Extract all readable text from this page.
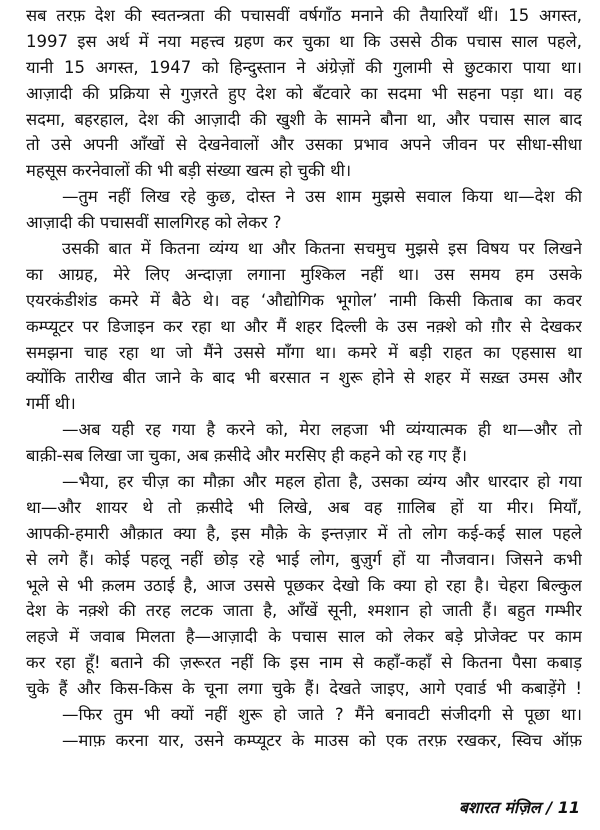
सब तरफ़ देश की स्वतन्त्रता की पचासवीं वर्षगाँठ मनाने की तैयारियाँ थीं। 15 अगस्त,
1997 इस अर्थ में नया महत्त्व ग्रहण कर चुका था कि उससे ठीक पचास साल पहले,
यानी 15 अगस्त, 1947 को हिन्दुस्तान ने अंग्रेज़ों की गुलामी से छुटकारा पाया था।
आज़ादी की प्रक्रिया से गुज़रते हुए देश को बँटवारे का सदमा भी सहना पड़ा था। वह
सदमा, बहरहाल, देश की आज़ादी की खुशी के सामने बौना था, और पचास साल बाद
तो उसे अपनी आँखों से देखनेवालों और उसका प्रभाव अपने जीवन पर सीधा-सीधा
महसूस करनेवालों की भी बड़ी संख्या खत्म हो चुकी थी।
—तुम नहीं लिख रहे कुछ, दोस्त ने उस शाम मुझसे सवाल किया था—देश की
आज़ादी की पचासवीं सालगिरह को लेकर ?
उसकी बात में कितना व्यंग्य था और कितना सचमुच मुझसे इस विषय पर लिखने
का आग्रह, मेरे लिए अन्दाज़ा लगाना मुश्किल नहीं था। उस समय हम उसके
एयरकंडीशंड कमरे में बैठे थे। वह ‘औद्योगिक भूगोल’ नामी किसी किताब का कवर
कम्प्यूटर पर डिजाइन कर रहा था और मैं शहर दिल्ली के उस नक़्शे को ग़ौर से देखकर
समझना चाह रहा था जो मैंने उससे माँगा था। कमरे में बड़ी राहत का एहसास था
क्योंकि तारीख बीत जाने के बाद भी बरसात न शुरू होने से शहर में सख़्त उमस और
गर्मी थी।
—अब यही रह गया है करने को, मेरा लहजा भी व्यंग्यात्मक ही था—और तो
बाक़ी-सब लिखा जा चुका, अब क़सीदे और मरसिए ही कहने को रह गए हैं।
—भैया, हर चीज़ का मौक़ा और महल होता है, उसका व्यंग्य और धारदार हो गया
था—और शायर थे तो क़सीदे भी लिखे, अब वह ग़ालिब हों या मीर। मियाँ,
आपकी-हमारी औक़ात क्या है, इस मौक़े के इन्तज़ार में तो लोग कई-कई साल पहले
से लगे हैं। कोई पहलू नहीं छोड़ रहे भाई लोग, बुज़ुर्ग हों या नौजवान। जिसने कभी
भूले से भी क़लम उठाई है, आज उससे पूछकर देखो कि क्या हो रहा है। चेहरा बिल्कुल
देश के नक़्शे की तरह लटक जाता है, आँखें सूनी, श्मशान हो जाती हैं। बहुत गम्भीर
लहजे में जवाब मिलता है—आज़ादी के पचास साल को लेकर बड़े प्रोजेक्ट पर काम
कर रहा हूँ! बताने की ज़रूरत नहीं कि इस नाम से कहाँ-कहाँ से कितना पैसा कबाड़
चुके हैं और किस-किस के चूना लगा चुके हैं। देखते जाइए, आगे एवार्ड भी कबाड़ेंगे !
—फिर तुम भी क्यों नहीं शुरू हो जाते ? मैंने बनावटी संजीदगी से पूछा था।
—माफ़ करना यार, उसने कम्प्यूटर के माउस को एक तरफ़ रखकर, स्विच ऑफ़
बशारत मंज़िल / 11
